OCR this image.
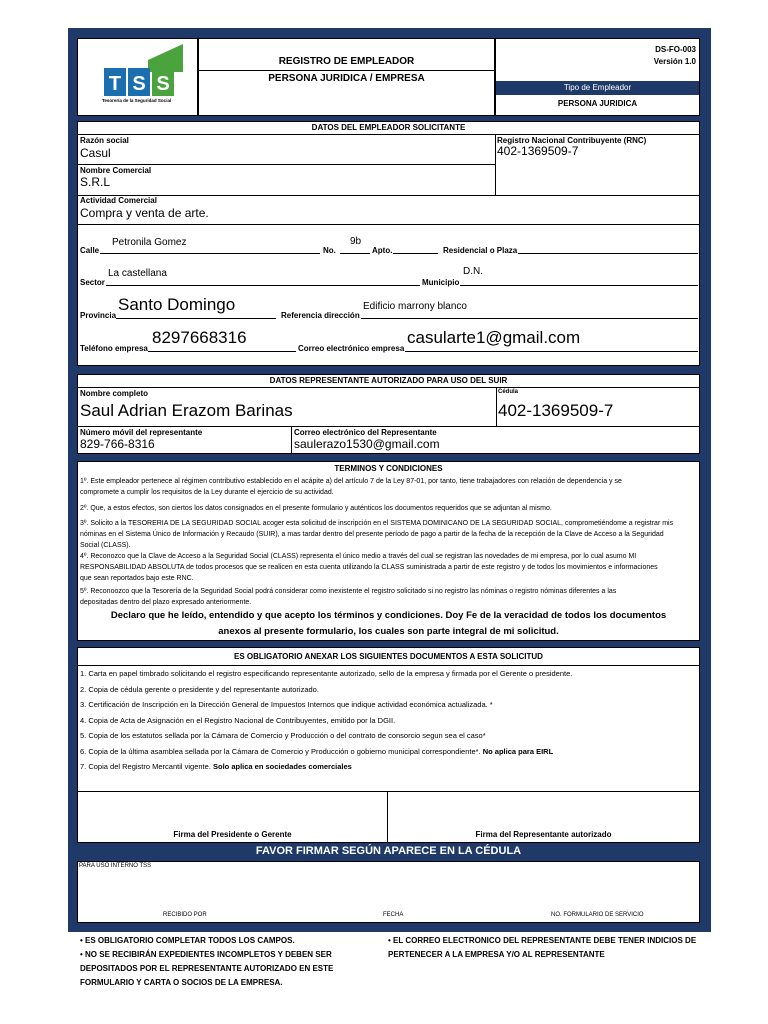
T S S
Tesorería de la Seguridad Social
REGISTRO DE EMPLEADOR
PERSONA JURIDICA / EMPRESA
DS-FO-003
Versión 1.0
Tipo de Empleador
PERSONA JURIDICA
DATOS DEL EMPLEADOR SOLICITANTE
Razón social
Casul
Registro Nacional Contribuyente (RNC)
402-1369509-7
Nombre Comercial
S.R.L
Actividad Comercial
Compra y venta de arte.
Calle
Petronila Gomez
No.
9b
Apto.	Residencial o Plaza
Sector
La castellana
Municipio
D.N.
Provincia
Santo Domingo
Referencia dirección
Edificio marrony blanco
Teléfono empresa
8297668316
Correo electrónico empresa
casularte1@gmail.com
DATOS REPRESENTANTE AUTORIZADO PARA USO DEL SUIR
Nombre completo
Saul Adrian Erazom Barinas
Cédula
402-1369509-7
Número móvil del representante
829-766-8316
Correo electrónico del Representante
saulerazo1530@gmail.com
TERMINOS Y CONDICIONES
1º. Este empleador pertenece al régimen contributivo establecido en el acápite a) del artículo 7 de la Ley 87-01, por tanto, tiene trabajadores con relación de dependencia y se
compromete a cumplir los requisitos de la Ley durante el ejercicio de su actividad.
2º. Que, a estos efectos, son ciertos los datos consignados en el presente formulario y auténticos los documentos requeridos que se adjuntan al mismo.
3º. Solicito a la TESORERIA DE LA SEGURIDAD SOCIAL acoger esta solicitud de inscripción en el SISTEMA DOMINICANO DE LA SEGURIDAD SOCIAL, comprometiéndome a registrar mis
nóminas en el Sistema Único de Información y Recaudo (SUIR), a mas tardar dentro del presente período de pago a partir de la fecha de la recepción de la Clave de Acceso a la Seguridad
Social (CLASS).
4º. Reconozco que la Clave de Acceso a la Seguridad Social (CLASS) representa el único medio a través del cual se registran las novedades de mi empresa, por lo cual asumo MI
RESPONSABILIDAD ABSOLUTA de todos procesos que se realicen en esta cuenta utilizando la CLASS suministrada a partir de este registro y de todos los movimientos e informaciones
que sean reportados bajo este RNC.
5º. Reconoozco que la Tesorería de la Seguridad Social podrá considerar como inexistente el registro solicitado si no registro las nóminas o registro nóminas diferentes a las
depositadas dentro del plazo expresado anteriormente.
Declaro que he leído, entendido y que acepto los términos y condiciones. Doy Fe de la veracidad de todos los documentos
anexos al presente formulario, los cuales son parte integral de mi solicitud.
ES OBLIGATORIO ANEXAR LOS SIGUIENTES DOCUMENTOS A ESTA SOLICITUD
1. Carta en papel timbrado solicitando el registro especificando representante autorizado, sello de la empresa y firmada por el Gerente o presidente.
2. Copia de cédula gerente o presidente y del representante autorizado.
3. Certificación de Inscripción en la Dirección General de Impuestos Internos que indique actividad económica actualizada. *
4. Copia de Acta de Asignación en el Registro Nacional de Contribuyentes, emitido por la DGII.
5. Copia de los estatutos sellada por la Cámara de Comercio y Producción o del contrato de consorcio segun sea el caso*
6. Copia de la última asamblea sellada por la Cámara de Comercio y Producción o gobierno municipal correspondiente*. No aplica para EIRL
7. Copia del Registro Mercantil vigente. Solo aplica en sociedades comerciales
Firma del Presidente o Gerente	Firma del Representante autorizado
FAVOR FIRMAR SEGÚN APARECE EN LA CÉDULA
PARA USO INTERNO TSS
RECIBIDO POR	FECHA	NO. FORMULARIO DE SERVICIO
• ES OBLIGATORIO COMPLETAR TODOS LOS CAMPOS.
• NO SE RECIBIRÁN EXPEDIENTES INCOMPLETOS Y DEBEN SER
DEPOSITADOS POR EL REPRESENTANTE AUTORIZADO EN ESTE
FORMULARIO Y CARTA O SOCIOS DE LA EMPRESA.
• EL CORREO ELECTRONICO DEL REPRESENTANTE DEBE TENER INDICIOS DE
PERTENECER A LA EMPRESA Y/O AL REPRESENTANTE
